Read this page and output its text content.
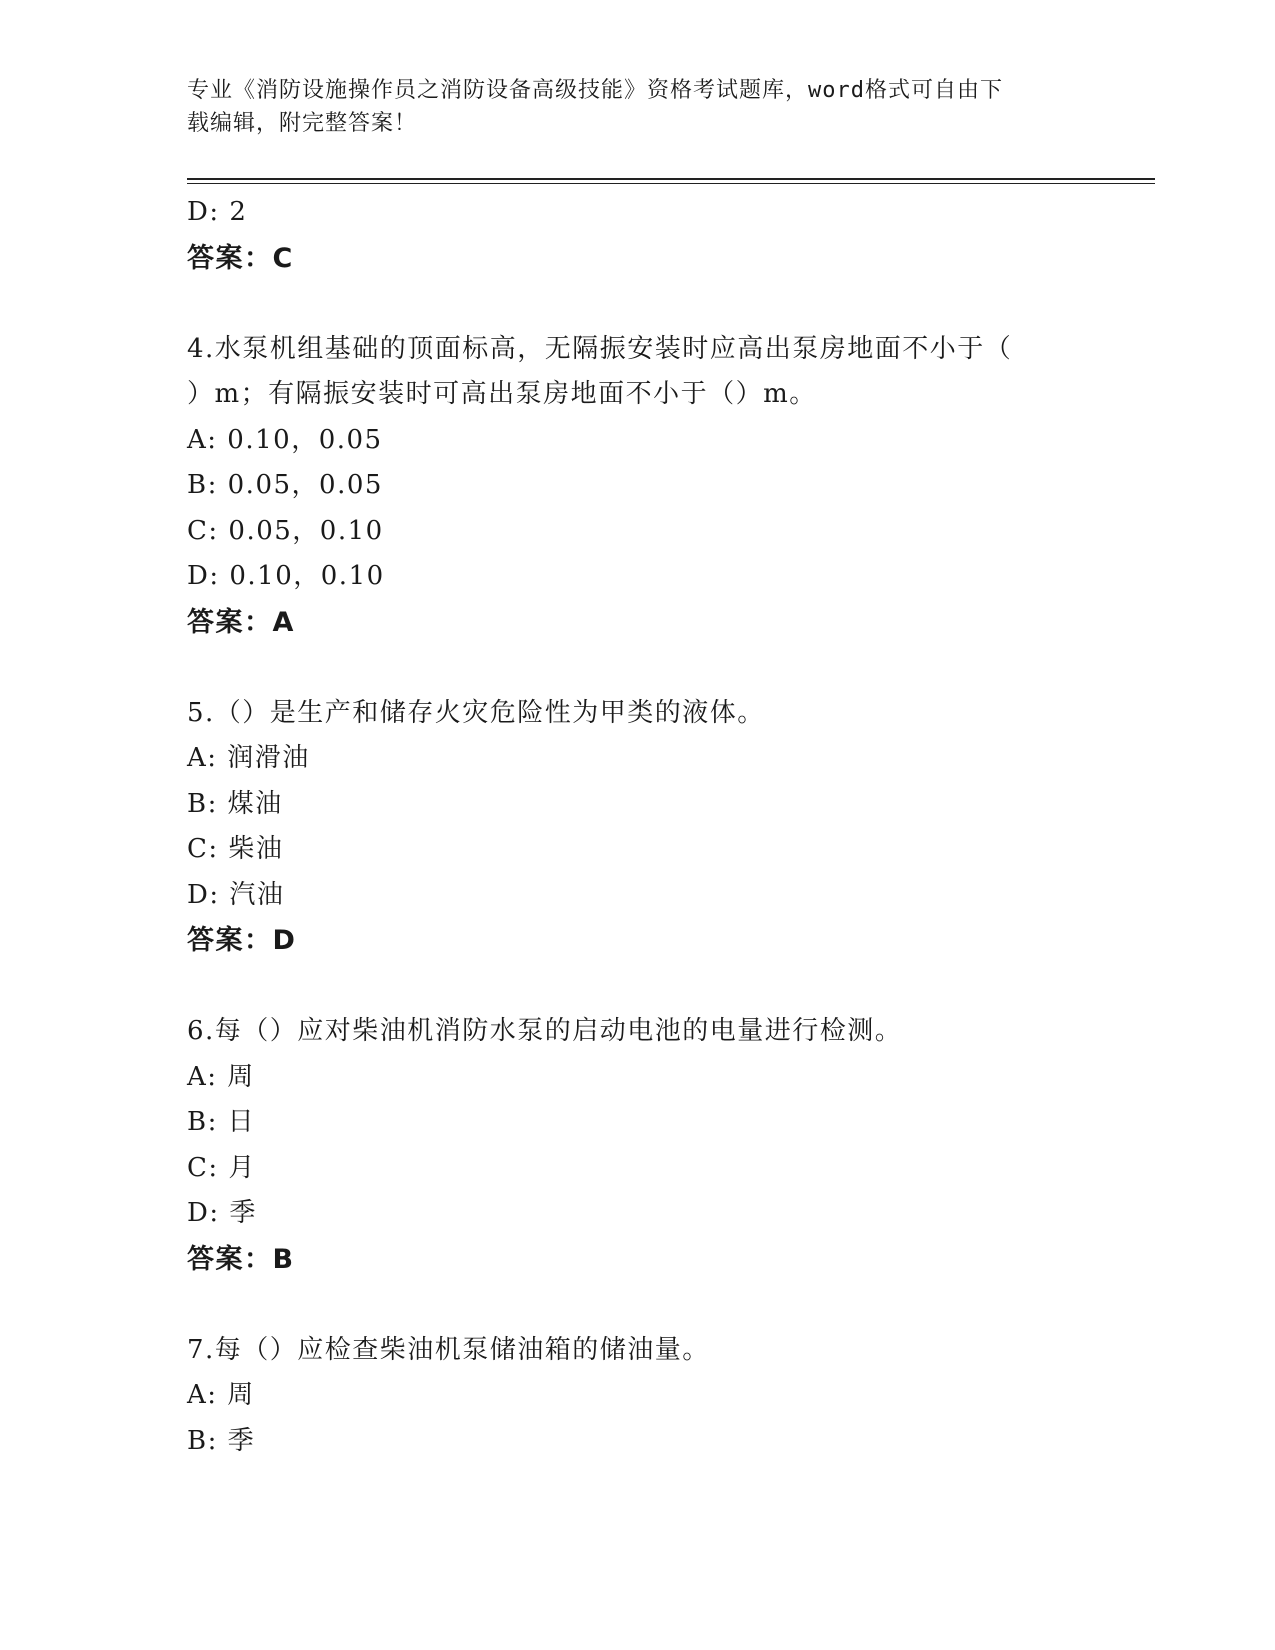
专业《消防设施操作员之消防设备高级技能》资格考试题库，word格式可自由下
载编辑，附完整答案！
D: 2
答案：C
4.水泵机组基础的顶面标高，无隔振安装时应高出泵房地面不小于（
）m；有隔振安装时可高出泵房地面不小于（）m。
A: 0.10，0.05
B: 0.05，0.05
C: 0.05，0.10
D: 0.10，0.10
答案：A
5.（）是生产和储存火灾危险性为甲类的液体。
A: 润滑油
B: 煤油
C: 柴油
D: 汽油
答案：D
6.每（）应对柴油机消防水泵的启动电池的电量进行检测。
A: 周
B: 日
C: 月
D: 季
答案：B
7.每（）应检查柴油机泵储油箱的储油量。
A: 周
B: 季
